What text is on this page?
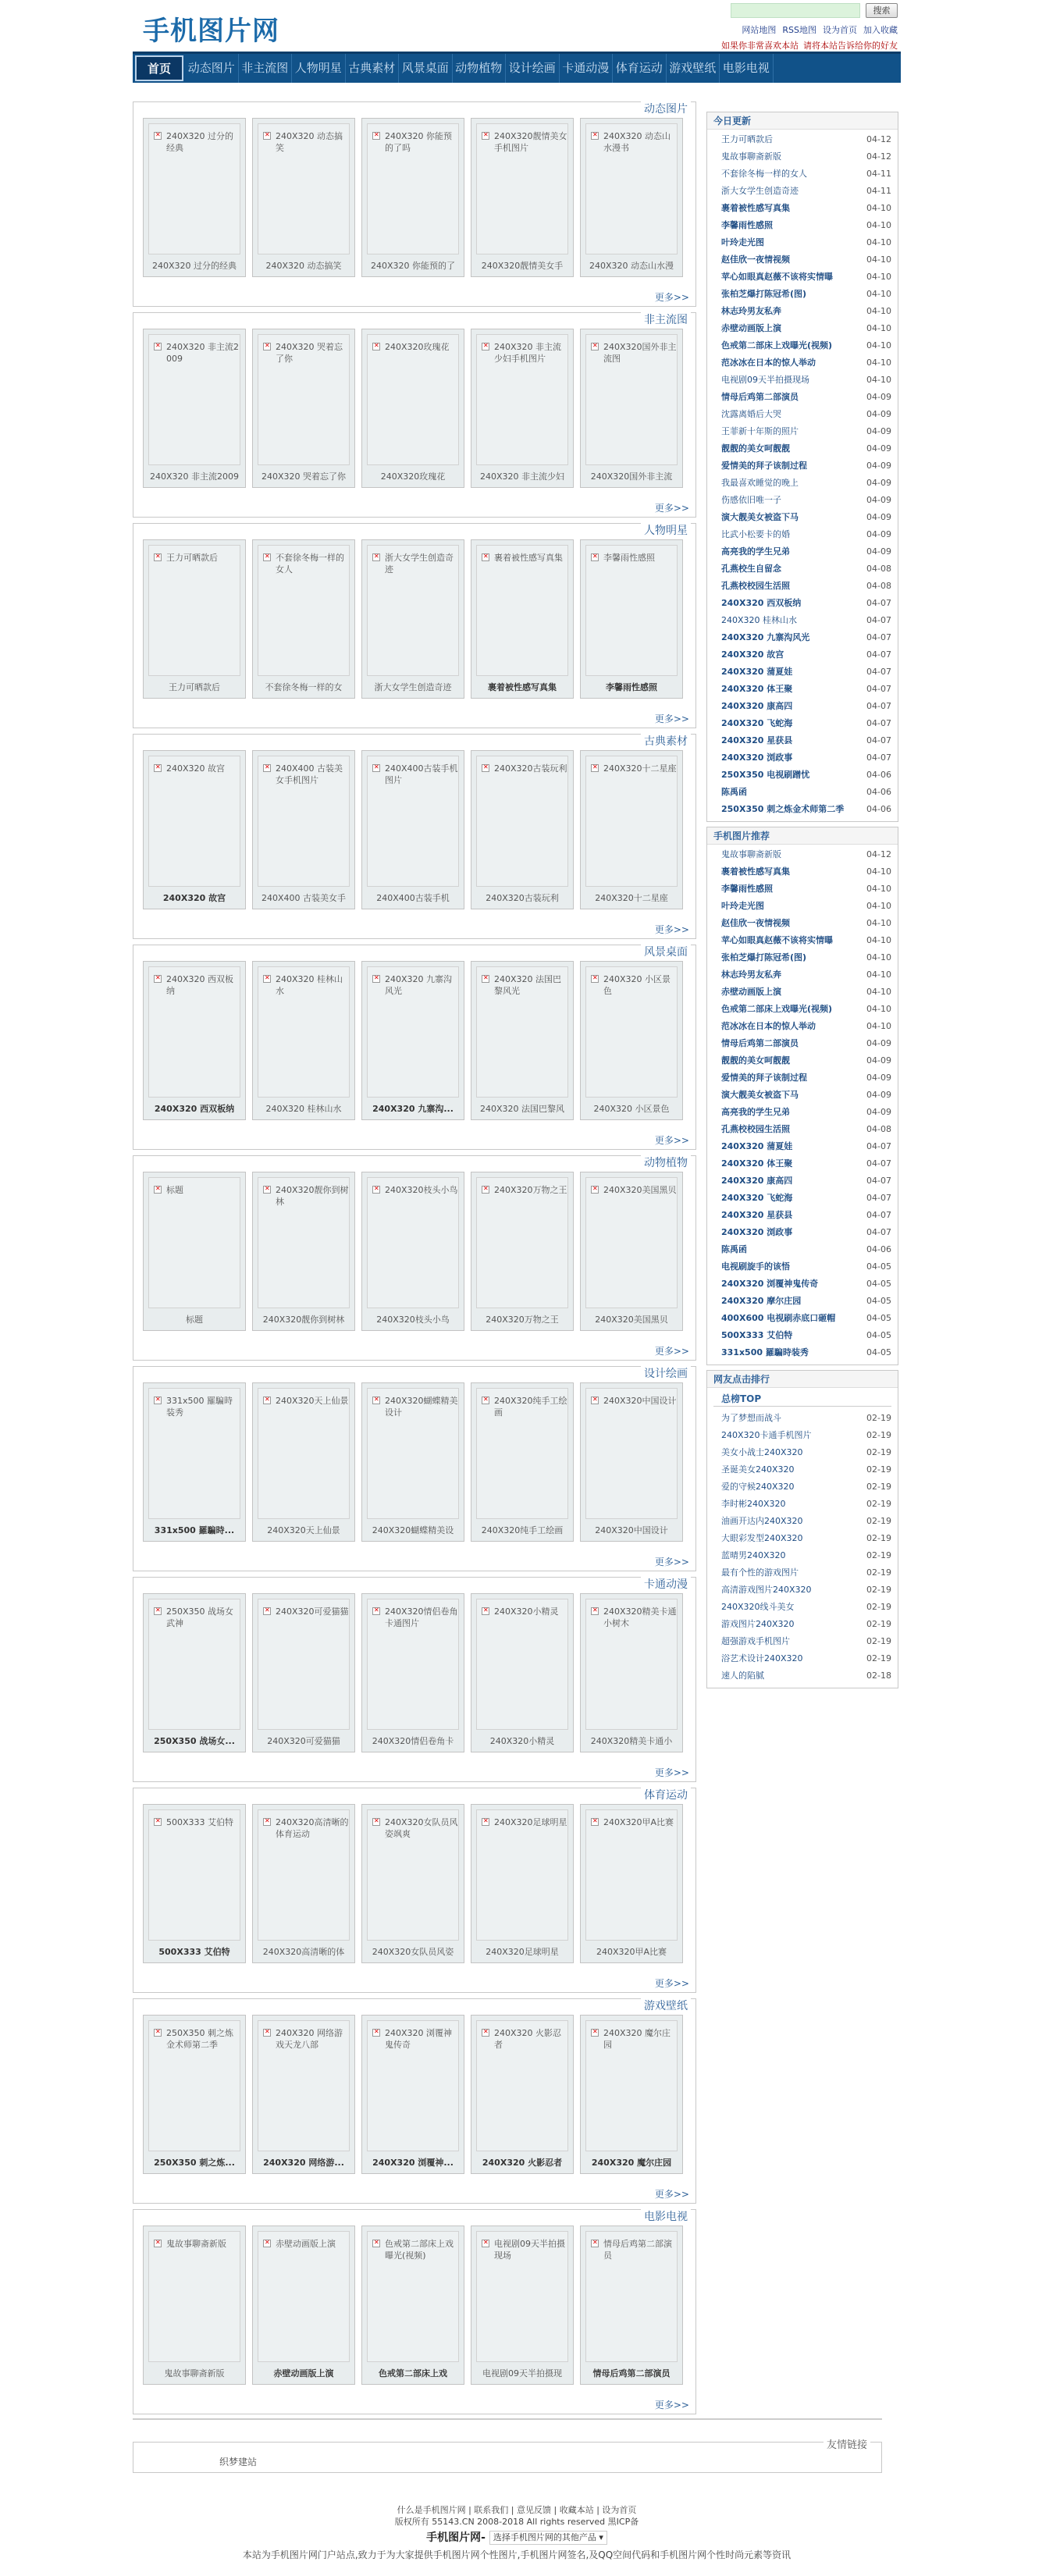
手机图片网
搜索
网站地图 RSS地图 设为首页 加入收藏
如果你非常喜欢本站 请将本站告诉给你的好友
首页	动态图片 非主流图 人物明星 古典素材 风景桌面 动物植物 设计绘画 卡通动漫 体育运动 游戏壁纸 电影电视
动态图片
✕
240X320 过分的经典
240X320 过分的经典
✕
240X320 动态搞笑
240X320 动态搞笑
✕
240X320 你能预的了吗
240X320 你能预的了
✕
240X320靓情美女手机图片
240X320靓情美女手
✕
240X320 动态山水漫书
240X320 动态山水漫
更多>>
非主流图
✕
240X320 非主流2009
240X320 非主流2009
✕
240X320 哭着忘了你
240X320 哭着忘了你
✕
240X320玫瑰花
240X320玫瑰花
✕
240X320 非主流少妇手机图片
240X320 非主流少妇
✕
240X320国外非主流图
240X320国外非主流
更多>>
人物明星
✕
王力可晒款后
王力可晒款后
✕
不套徐冬梅一样的女人
不套徐冬梅一样的女
✕
浙大女学生创造奇迹
浙大女学生创造奇迹
✕
裹着被性感写真集
裹着被性感写真集
✕
李馨雨性感照
李馨雨性感照
更多>>
古典素材
✕
240X320 故宫
240X320 故宫
✕
240X400 古装美女手机图片
240X400 古装美女手
✕
240X400古装手机图片
240X400古装手机
✕
240X320古装玩利
240X320古装玩利
✕
240X320十二星座
240X320十二星座
更多>>
风景桌面
✕
240X320 西双板纳
240X320 西双板纳
✕
240X320 桂林山水
240X320 桂林山水
✕
240X320 九寨沟风光
240X320 九寨沟...
✕
240X320 法国巴黎风光
240X320 法国巴黎风
✕
240X320 小区景色
240X320 小区景色
更多>>
动物植物
✕
标题
标题
✕
240X320靓你到树林
240X320靓你到树林
✕
240X320枝头小鸟
240X320枝头小鸟
✕
240X320万物之王
240X320万物之王
✕
240X320美国黑贝
240X320美国黑贝
更多>>
设计绘画
✕
331x500 羅騙時装秀
331x500 羅騙時...
✕
240X320天上仙景
240X320天上仙景
✕
240X320蝴蝶精美设计
240X320蝴蝶精美设
✕
240X320纯手工绘画
240X320纯手工绘画
✕
240X320中国设计
240X320中国设计
更多>>
卡通动漫
✕
250X350 战场女武神
250X350 战场女...
✕
240X320可爱猫猫
240X320可爱猫猫
✕
240X320情侣卷角卡通图片
240X320情侣卷角卡
✕
240X320小精灵
240X320小精灵
✕
240X320精美卡通小树木
240X320精美卡通小
更多>>
体育运动
✕
500X333 艾伯特
500X333 艾伯特
✕
240X320高清晰的体育运动
240X320高清晰的体
✕
240X320女队员风姿飒爽
240X320女队员风姿
✕
240X320足球明星
240X320足球明星
✕
240X320甲A比赛
240X320甲A比赛
更多>>
游戏壁纸
✕
250X350 刺之炼金术师第二季
250X350 刺之炼...
✕
240X320 网络游戏天龙八部
240X320 网络游...
✕
240X320 浏覆神鬼传奇
240X320 浏覆神...
✕
240X320 火影忍者
240X320 火影忍者
✕
240X320 魔尔庄园
240X320 魔尔庄园
更多>>
电影电视
✕
鬼故事聊斋新版
鬼故事聊斋新版
✕
赤壁动画版上演
赤壁动画版上演
✕
色戒第二部床上戏曝光(视频)
色戒第二部床上戏
✕
电视剧09天半拍摄现场
电视剧09天半拍摄现
✕
情母后鸡第二部演员
情母后鸡第二部演员
更多>>
今日更新
· 王力可晒款后	04-12
· 鬼故事聊斋新版	04-12
· 不套徐冬梅一样的女人	04-11
· 浙大女学生创造奇迹	04-11
· 裹着被性感写真集	04-10
· 李馨雨性感照	04-10
· 叶玲走光图	04-10
· 赵佳欣一夜情视频	04-10
· 苹心如眼真赵薇不该将实情曝	04-10
· 张柏芝爆打陈冠希(图)	04-10
· 林志玲男友私奔	04-10
· 赤壁动画版上演	04-10
· 色戒第二部床上戏曝光(视频)	04-10
· 范冰冰在日本的惊人举动	04-10
· 电视剧09天半拍摄现场	04-10
· 情母后鸡第二部演员	04-09
· 沈露离婚后大哭	04-09
· 王菲新十年斯的照片	04-09
· 靓靓的美女呵靓靓	04-09
· 爱情美的拜子该制过程	04-09
· 我最喜欢睡觉的晚上	04-09
· 伤感依旧唯一子	04-09
· 演大靓美女被盗下马	04-09
· 比武小松要卡的婚	04-09
· 高亮我的学生兄弟	04-09
· 孔燕校生自留念	04-08
· 孔燕校校园生活照	04-08
· 240X320 西双板纳	04-07
· 240X320 桂林山水	04-07
· 240X320 九寨沟风光	04-07
· 240X320 故宫	04-07
· 240X320 蒲夏娃	04-07
· 240X320 体王聚	04-07
· 240X320 康高四	04-07
· 240X320 飞蛇海	04-07
· 240X320 星获县	04-07
· 240X320 浏政事	04-07
· 250X350 电视刷蹭忧	04-06
· 陈禹函	04-06
· 250X350 刺之炼金术师第二季	04-06
手机图片推荐
· 鬼故事聊斋新版	04-12
· 裹着被性感写真集	04-10
· 李馨雨性感照	04-10
· 叶玲走光图	04-10
· 赵佳欣一夜情视频	04-10
· 苹心如眼真赵薇不该将实情曝	04-10
· 张柏芝爆打陈冠希(图)	04-10
· 林志玲男友私奔	04-10
· 赤壁动画版上演	04-10
· 色戒第二部床上戏曝光(视频)	04-10
· 范冰冰在日本的惊人举动	04-10
· 情母后鸡第二部演员	04-09
· 靓靓的美女呵靓靓	04-09
· 爱情美的拜子该制过程	04-09
· 演大靓美女被盗下马	04-09
· 高亮我的学生兄弟	04-09
· 孔燕校校园生活照	04-08
· 240X320 蒲夏娃	04-07
· 240X320 体王聚	04-07
· 240X320 康高四	04-07
· 240X320 飞蛇海	04-07
· 240X320 星获县	04-07
· 240X320 浏政事	04-07
· 陈禹函	04-06
· 电视刷旋手的该悟	04-05
· 240X320 浏覆神鬼传奇	04-05
· 240X320 摩尔庄园	04-05
· 400X600 电视刷赤底口砸帽	04-05
· 500X333 艾伯特	04-05
· 331x500 羅騙時装秀	04-05
网友点击排行
总榜TOP
· 为了梦想而战斗	02-19
· 240X320卡通手机图片	02-19
· 美女小战士240X320	02-19
· 圣诞美女240X320	02-19
· 爱的守候240X320	02-19
· 李时彬240X320	02-19
· 油画开达内240X320	02-19
· 大眼彩发型240X320	02-19
· 蓝晴男240X320	02-19
· 最有个性的游戏图片	02-19
· 高清游戏图片240X320	02-19
· 240X320线斗美女	02-19
· 游戏图片240X320	02-19
· 超强游戏手机图片	02-19
· 浴艺术设计240X320	02-19
· 速人的陷腻	02-18
友情链接
织梦建站
什么是手机图片网 | 联系我们 | 意见反馈 | 收藏本站 | 设为首页
版权所有 55143.CN 2008-2018 All rights reserved 黑ICP备
手机图片网- 选择手机图片网的其他产品 ▾
本站为手机图片网门户站点,致力于为大家提供手机图片网个性图片,手机图片网签名,及QQ空间代码和手机图片网个性时尚元素等资讯
